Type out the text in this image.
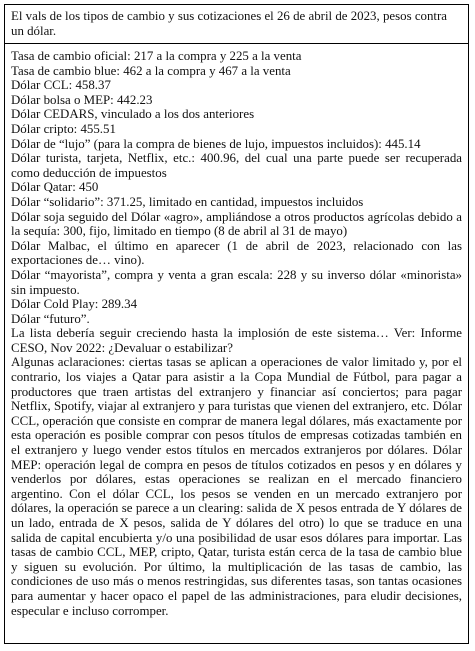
El vals de los tipos de cambio y sus cotizaciones el 26 de abril de 2023, pesos contra un dólar.

Tasa de cambio oficial: 217 a la compra y 225 a la venta

Tasa de cambio blue: 462 a la compra y 467 a la venta

Dólar CCL: 458.37

Dólar bolsa o MEP: 442.23

Dólar CEDARS, vinculado a los dos anteriores

Dólar cripto: 455.51

Dólar de “lujo” (para la compra de bienes de lujo, impuestos incluidos): 445.14

Dólar turista, tarjeta, Netflix, etc.: 400.96, del cual una parte puede ser recuperada como deducción de impuestos

Dólar Qatar: 450

Dólar “solidario”: 371.25, limitado en cantidad, impuestos incluidos

Dólar soja seguido del Dólar «agro», ampliándose a otros productos agrícolas debido a la sequía: 300, fijo, limitado en tiempo (8 de abril al 31 de mayo)

Dólar Malbac, el último en aparecer (1 de abril de 2023, relacionado con las exportaciones de… vino).

Dólar “mayorista”, compra y venta a gran escala: 228 y su inverso dólar «minorista» sin impuesto.

Dólar Cold Play: 289.34

Dólar “futuro”.

La lista debería seguir creciendo hasta la implosión de este sistema… Ver: Informe CESO, Nov 2022: ¿Devaluar o estabilizar?

Algunas aclaraciones: ciertas tasas se aplican a operaciones de valor limitado y, por el contrario, los viajes a Qatar para asistir a la Copa Mundial de Fútbol, para pagar a productores que traen artistas del extranjero y financiar así conciertos; para pagar Netflix, Spotify, viajar al extranjero y para turistas que vienen del extranjero, etc. Dólar CCL, operación que consiste en comprar de manera legal dólares, más exactamente por esta operación es posible comprar con pesos títulos de empresas cotizadas también en el extranjero y luego vender estos títulos en mercados extranjeros por dólares. Dólar MEP: operación legal de compra en pesos de títulos cotizados en pesos y en dólares y venderlos por dólares, estas operaciones se realizan en el mercado financiero argentino. Con el dólar CCL, los pesos se venden en un mercado extranjero por dólares, la operación se parece a un clearing: salida de X pesos entrada de Y dólares de un lado, entrada de X pesos, salida de Y dólares del otro) lo que se traduce en una salida de capital encubierta y/o una posibilidad de usar esos dólares para importar. Las tasas de cambio CCL, MEP, cripto, Qatar, turista están cerca de la tasa de cambio blue y siguen su evolución. Por último, la multiplicación de las tasas de cambio, las condiciones de uso más o menos restringidas, sus diferentes tasas, son tantas ocasiones para aumentar y hacer opaco el papel de las administraciones, para eludir decisiones, especular e incluso corromper.
